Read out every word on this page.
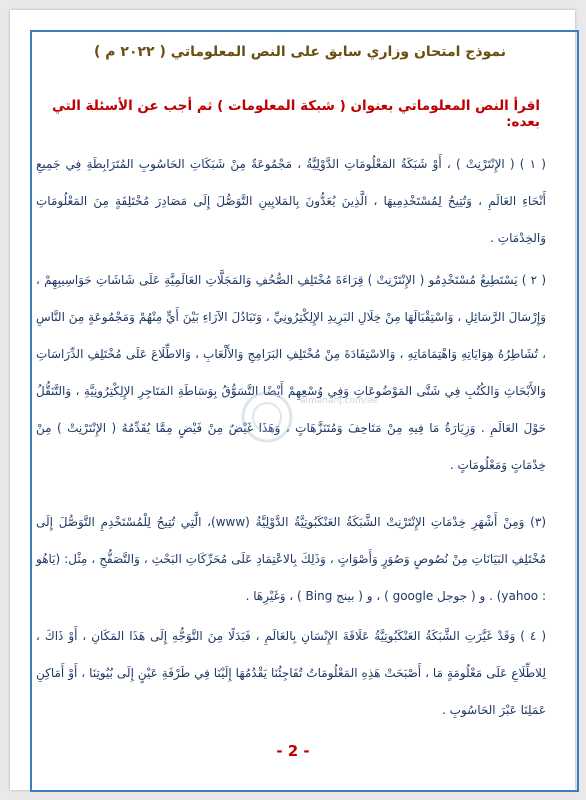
نموذج امتحان وزاري سابق على النص المعلوماتي ( ٢٠٢٢ م )
اقرأ النص المعلوماتي بعنوان ( شبكة المعلومات ) ثم أجب عن الأسئلة التي بعده:
( ١ ) ( الإِنْتَرْنِتْ ) ، أَوْ شَبَكَةُ المَعْلُومَاتِ الدَّوْلِيَّةُ ، مَجْمُوعَةٌ مِنْ شَبَكَاتِ الحَاسُوبِ المُتَرَابِطَةِ فِي جَمِيعِ أَنْحَاءِ العَالَمِ ، وَتُتِيحُ لِمُسْتَخْدِمِيهَا ، الَّذِينَ يُعَدُّونَ بِالمَلايِينِ التَّوَصُّلَ إِلَى مَصَادِرَ مُخْتَلِفَةٍ مِنَ المَعْلُومَاتِ وَالخِدْمَاتِ .
( ٢ ) يَسْتَطِيعُ مُسْتَخْدِمُو ( الإِنْتَرْنِتْ ) قِرَاءَةَ مُخْتَلِفِ الصُّحُفِ وَالمَجَلَّاتِ العَالَمِيَّةِ عَلَى شَاشَاتِ حَوَاسِيبِهِمْ ، وَإِرْسَالَ الرَّسَائِلِ ، وَاسْتِقْبَالَهَا مِنْ خِلَالِ البَرِيدِ الإِلِكْتِرُونِيِّ ، وَتَبَادُلَ الآرَاءِ بَيْنَ أَيٍّ مِنْهُمْ وَمَجْمُوعَةٍ مِنَ النَّاسِ ، تُشَاطِرُهُ هِوَايَاتِهِ وَاهْتِمَامَاتِهِ ، وَالاسْتِفَادَةَ مِنْ مُخْتَلِفِ البَرَامِجِ وَالأَلْعَابِ ، وَالاطِّلَاعَ عَلَى مُخْتَلِفِ الدِّرَاسَاتِ وَالأَبْحَاثِ وَالكُتُبِ فِي شَتَّى المَوْضُوعَاتِ وَفِي وُسْعِهِمْ أَيْضًا التَّسَوُّقُ بِوَسَاطَةِ المَتَاجِرِ الإِلِكْتِرُونِيَّةِ ، وَالتَّنَقُّلُ حَوْلَ العَالَمِ . وَزِيَارَةُ مَا فِيهِ مِنْ مَتَاحِفَ وَمُتَنَزَّهَاتٍ ، وَهَذَا غَيْضٌ مِنْ فَيْضٍ مِمَّا يُقَدِّمُهُ ( الإِنْتَرْنِتْ ) مِنْ خِدْمَاتٍ وَمَعْلُومَاتٍ .
(٣) وَمِنْ أَشْهَرِ خِدْمَاتِ الإِنْتَرْنِتْ الشَّبَكَةُ العَنْكَبُوتِيَّةُ الدَّوْلِيَّةُ (www)، الَّتِي تُتِيحُ لِلْمُسْتَخْدِمِ التَّوَصُّلَ إِلَى مُخْتَلِفِ البَيَانَاتِ مِنْ نُصُوصٍ وَصُوَرٍ وَأَصْوَاتٍ ، وَذَلِكَ بِالاعْتِمَادِ عَلَى مُحَرِّكَاتِ البَحْثِ ، وَالتَّصَفُّحِ ، مِثْل: (يَاهُو : yahoo) . و ( جوجل google ) ، و ( بينج Bing ) ، وَغَيْرِهَا .
( ٤ ) وَقَدْ غَيَّرَتِ الشَّبَكَةُ العَنْكَبُوتِيَّةُ عَلَاقَةَ الإِنْسَانِ بِالعَالَمِ ، فَبَدَلًا مِنَ التَّوَجُّهِ إِلَى هَذَا المَكَانِ ، أَوْ ذَاكَ ، لِلاطِّلَاعِ عَلَى مَعْلُومَةٍ مَا ، أَصْبَحَتْ هَذِهِ المَعْلُومَاتُ تُفَاجِئُنَا يَقْدُمُهَا إِلَيْنَا فِي طَرْفَةِ عَيْنٍ إِلَى بُيُوتِنَا ، أَوْ أَمَاكِنِ عَمَلِنَا عَبْرَ الحَاسُوبِ .
almanahj.com/ae
- 2 -
